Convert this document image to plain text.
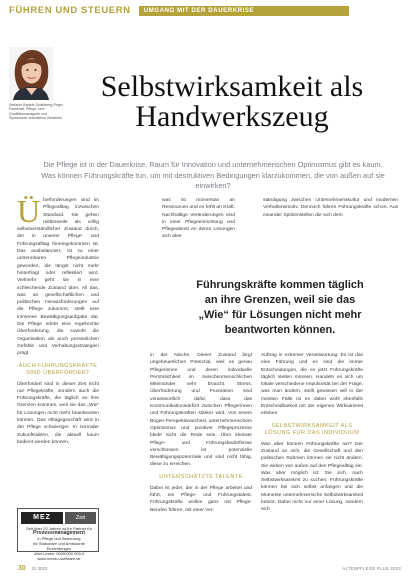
FÜHREN UND STEUERN	UMGANG MIT DER DAUERKRISE
Stefanie Bartels Schildberg-Pegel, Fachkraft, Pflege- und Qualitätsmanagerin und Systemisch-autorisierte Beraterin
Selbstwirksamkeit als
Handwerkszeug
Die Pflege ist in der Dauerkrise. Raum für Innovation und unternehmerischen Optimismus gibt es kaum. Was können Führungskräfte tun, um mit destruktiven Bedingungen klarzukommen, die von außen auf sie einwirken?

Überforderungen sind im Pflegealltag inzwischen Standard. Sie gehen mittlerweile als völlig selbstverständlicher Zustand durch, der in unserer Pflege- und Führungsalltag hineingekommen ist. Das ausbalanciert, ist zu einer untrennbaren Pflegeindustrie geworden, die längst nicht mehr hinterfragt oder reflektiert wird. Vielmehr geht sie in eine schleichende Zustand über. All das, was an gesellschaftlichen und politischen Herausforderungen auf die Pflege zukommt, stellt eine immense Bewältigungsaufgabe dar. Die Pflege erlebt eine regelrechte Überforderung, die sowohl die Organisation als auch persönlichen Gefühle und Verhaltungsstrategien prägt.

AUCH FÜHRUNGSKRÄFTE SIND ÜBERFORDERT

Überfordert sind in dieser Zeit nicht nur Pflegekräfte, sondern auch die Führungskräfte, die täglich an ihre Grenzen kommen, weil sie das „Wie“ für Lösungen nicht mehr beantworten können. Das Alltagsgeschäft wird in der Pflege schwieriger. In normaler Zukunftsideen, die aktuell kaum bedient werden können,

was ist momentan an Ressourcen und es fehlt an Kraft. Nachhaltige Veränderungen sind in einer Pflegeeinrichtung und Pflegedienst en deren Lösungen sich aber

ständigung zwischen Unternehmenskultur und modernen Verhaltensmotiv. Dennoch führen Führungskräfte schon. Aus einander Spitzenstellen die sich dem

Führungskräfte kommen täglich
an ihre Grenzen, weil sie das
„Wie“ für Lösungen nicht mehr
beantworten können.

in der Nische. Dieser Zustand birgt ungeheuerliches Potenzial, weil es genau Pflegerinnen und deren individuelle Persönlichkeit im zwischenmenschlichen Miteinander sehr braucht. Stress, Überforderung und Frustration sind verantwortlich dafür, dass das Kommunikationsdefizit zwischen Pflegerinnen und Führungskräften stärker wird. Von einem Bogen Perspektivwechsel, unternehmerischem Optimismus und positiver Pflegeprozesse bleibt nicht die Rede sein. Über kleinste Pflege- und Führungsbedürfnisse verschlossen ist potenzielle Bewältigungspotenziale und sind nicht fähig, diese zu erreichen.

UNTERSCHÄTZTE TALENTE

Dabei ist jeder, der in der Pflege arbeitet und führt, ein Pflege- und Führungstalent. Führungskräfte wollen ganz mit Pflege- Berufen führen, mit einer Ver-

Auftrag in extremer Verantwortung: Es ist das eine Führung und es sind die immer Entscheidungen, die es jetzt Führungskräfte täglich stellen müssen. Handeln es sich um lokale verschiedene Impulsivität bei der Frage, was man ändern, stellt gewissen will in der meisten Fälle ist es dabei wohl ebenfalls Entscheidbarkeit mit der eigenen Wirksamkeit erleben.

SELBSTWIRKSAMKEIT ALS LÖSUNG FÜR DAS INDIVIDUUM

Was aber können Führungskräfte tun? Der Zustand an sich, die Gesellschaft und den politischen Rahmen können sie nicht ändern. Sie wirken von außen auf den Pflegealltag ein. Was aber möglich ist: Sie sich, nach Selbstwirksamkeit zu suchen. Führungskräfte können bei sich selbst anfangen und die Momente unternehmerische Selbstwirksamkeit betont. Dabei nicht nur einer Lösung, sondern sich

MEZ	Zeit
Seit über 20 Jahren ist Ihr Partner für
Prozessmanagement
in Pflege und Betreuung
für Stationäre und Ambulante Einrichtungen
Jetzt Lesen: 0000/000 000-0
www.mezzo-software.de
30 01.2023	ALTENPFLEGE PLUS 2023
